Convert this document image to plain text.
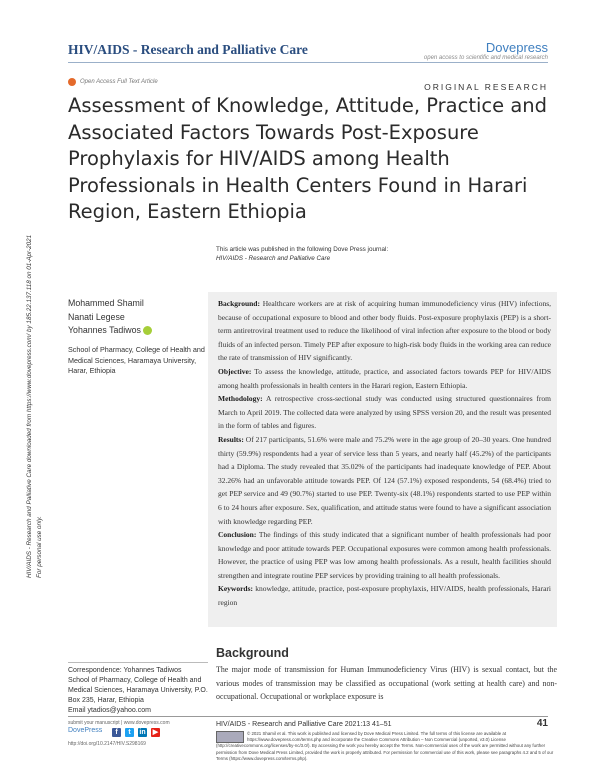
HIV/AIDS - Research and Palliative Care	Dovepress
open access to scientific and medical research
Open Access Full Text Article	ORIGINAL RESEARCH
Assessment of Knowledge, Attitude, Practice and Associated Factors Towards Post-Exposure Prophylaxis for HIV/AIDS among Health Professionals in Health Centers Found in Harari Region, Eastern Ethiopia
This article was published in the following Dove Press journal:
HIV/AIDS - Research and Palliative Care
HIV/AIDS - Research and Palliative Care downloaded from https://www.dovepress.com/ by 185.22.137.118 on 01-Apr-2021 For personal use only.
Mohammed Shamil
Nanati Legese
Yohannes Tadiwos
School of Pharmacy, College of Health and Medical Sciences, Haramaya University, Harar, Ethiopia

Background: Healthcare workers are at risk of acquiring human immunodeficiency virus (HIV) infections, because of occupational exposure to blood and other body fluids. Post-exposure prophylaxis (PEP) is a short-term antiretroviral treatment used to reduce the likelihood of viral infection after exposure to the blood or body fluids of an infected person. Timely PEP after exposure to high-risk body fluids in the working area can reduce the rate of transmission of HIV significantly.

Objective: To assess the knowledge, attitude, practice, and associated factors towards PEP for HIV/AIDS among health professionals in health centers in the Harari region, Eastern Ethiopia.

Methodology: A retrospective cross-sectional study was conducted using structured questionnaires from March to April 2019. The collected data were analyzed by using SPSS version 20, and the result was presented in the form of tables and figures.

Results: Of 217 participants, 51.6% were male and 75.2% were in the age group of 20–30 years. One hundred thirty (59.9%) respondents had a year of service less than 5 years, and nearly half (45.2%) of the participants had a Diploma. The study revealed that 35.02% of the participants had inadequate knowledge of PEP. About 32.26% had an unfavorable attitude towards PEP. Of 124 (57.1%) exposed respondents, 54 (68.4%) tried to get PEP service and 49 (90.7%) started to use PEP. Twenty-six (48.1%) respondents started to use PEP within 6 to 24 hours after exposure. Sex, qualification, and attitude status were found to have a significant association with knowledge regarding PEP.

Conclusion: The findings of this study indicated that a significant number of health professionals had poor knowledge and poor attitude towards PEP. Occupational exposures were common among health professionals. However, the practice of using PEP was low among health professionals. As a result, health facilities should strengthen and integrate routine PEP services by providing training to all health professionals.

Keywords: knowledge, attitude, practice, post-exposure prophylaxis, HIV/AIDS, health professionals, Harari region

Correspondence: Yohannes Tadiwos
School of Pharmacy, College of Health and Medical Sciences, Haramaya University, P.O. Box 235, Harar, Ethiopia
Email ytadios@yahoo.com
Background
The major mode of transmission for Human Immunodeficiency Virus (HIV) is sexual contact, but the various modes of transmission may be classified as occupational (work setting at health care) and non-occupational. Occupational or workplace exposure is
submit your manuscript | www.dovepress.com
DovePress
http://doi.org/10.2147/HIV.S298169
f	t	in ▶
HIV/AIDS - Research and Palliative Care 2021:13 41–51	41
© 2021 Shamil et al. This work is published and licensed by Dove Medical Press Limited. The full terms of this license are available at https://www.dovepress.com/terms.php and incorporate the Creative Commons Attribution – Non Commercial (unported, v3.0) License (http://creativecommons.org/licenses/by-nc/3.0/). By accessing the work you hereby accept the Terms. Non-commercial uses of the work are permitted without any further permission from Dove Medical Press Limited, provided the work is properly attributed. For permission for commercial use of this work, please see paragraphs 4.2 and 5 of our Terms (https://www.dovepress.com/terms.php).
